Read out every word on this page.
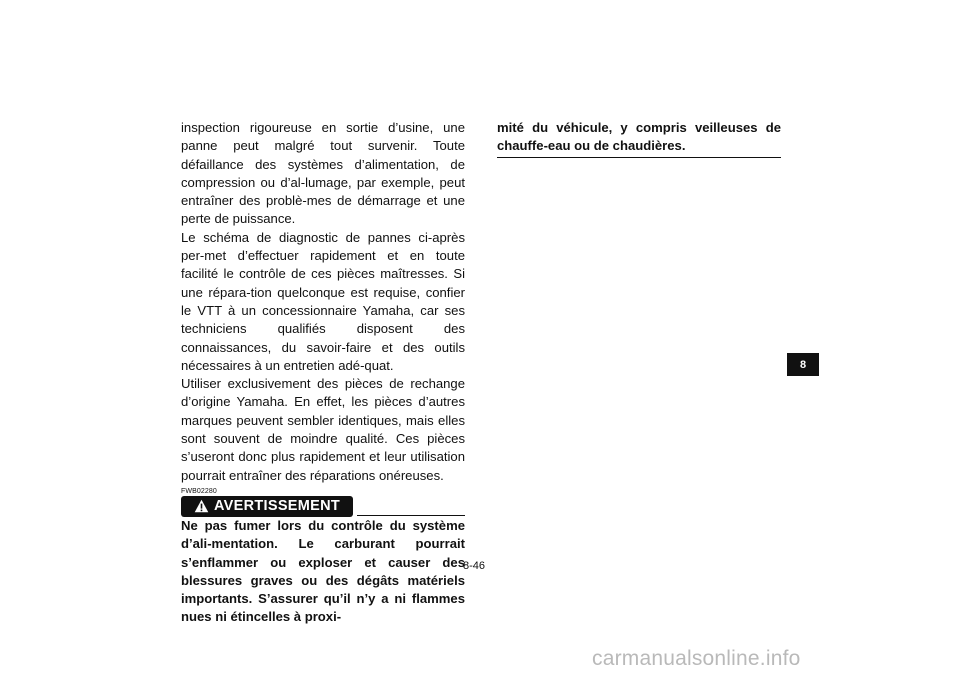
inspection rigoureuse en sortie d’usine, une panne peut malgré tout survenir. Toute défaillance des systèmes d’alimentation, de compression ou d’al-lumage, par exemple, peut entraîner des problè-mes de démarrage et une perte de puissance.

Le schéma de diagnostic de pannes ci-après per-met d’effectuer rapidement et en toute facilité le contrôle de ces pièces maîtresses. Si une répara-tion quelconque est requise, confier le VTT à un concessionnaire Yamaha, car ses techniciens qualifiés disposent des connaissances, du savoir-faire et des outils nécessaires à un entretien adé-quat.

Utiliser exclusivement des pièces de rechange d’origine Yamaha. En effet, les pièces d’autres marques peuvent sembler identiques, mais elles sont souvent de moindre qualité. Ces pièces s’useront donc plus rapidement et leur utilisation pourrait entraîner des réparations onéreuses.

FWB02280
AVERTISSEMENT

Ne pas fumer lors du contrôle du système d’ali-mentation. Le carburant pourrait s’enflammer ou exploser et causer des blessures graves ou des dégâts matériels importants. S’assurer qu’il n’y a ni flammes nues ni étincelles à proxi-

mité du véhicule, y compris veilleuses de chauffe-eau ou de chaudières.
8-46
8
carmanualsonline.info
